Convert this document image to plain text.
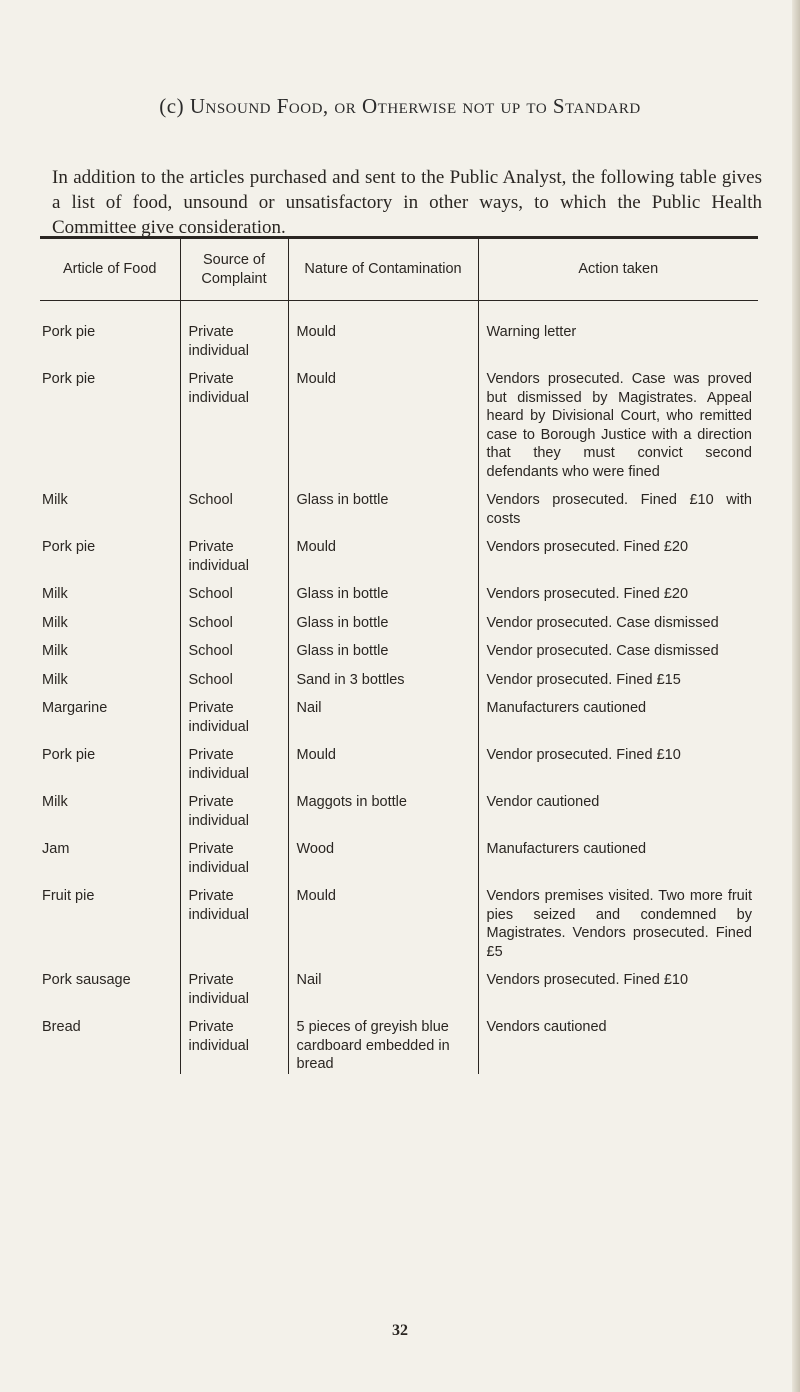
(c) Unsound Food, or Otherwise not up to Standard

In addition to the articles purchased and sent to the Public Analyst, the following table gives a list of food, unsound or unsatisfactory in other ways, to which the Public Health Committee give consideration.

Article of Food	Source of Complaint	Nature of Contamination	Action taken
Pork pie	Private individual	Mould	Warning letter
Pork pie	Private individual	Mould	Vendors prosecuted. Case was proved but dismissed by Magistrates. Appeal heard by Divisional Court, who remitted case to Borough Justice with a direction that they must convict second defendants who were fined
Milk	School	Glass in bottle	Vendors prosecuted. Fined £10 with costs
Pork pie	Private individual	Mould	Vendors prosecuted. Fined £20
Milk	School	Glass in bottle	Vendors prosecuted. Fined £20
Milk	School	Glass in bottle	Vendor prosecuted. Case dismissed
Milk	School	Glass in bottle	Vendor prosecuted. Case dismissed
Milk	School	Sand in 3 bottles	Vendor prosecuted. Fined £15
Margarine	Private individual	Nail	Manufacturers cautioned
Pork pie	Private individual	Mould	Vendor prosecuted. Fined £10
Milk	Private individual	Maggots in bottle	Vendor cautioned
Jam	Private individual	Wood	Manufacturers cautioned
Fruit pie	Private individual	Mould	Vendors premises visited. Two more fruit pies seized and condemned by Magistrates. Vendors prosecuted. Fined £5
Pork sausage	Private individual	Nail	Vendors prosecuted. Fined £10
Bread	Private individual	5 pieces of greyish blue cardboard embedded in bread	Vendors cautioned
32
